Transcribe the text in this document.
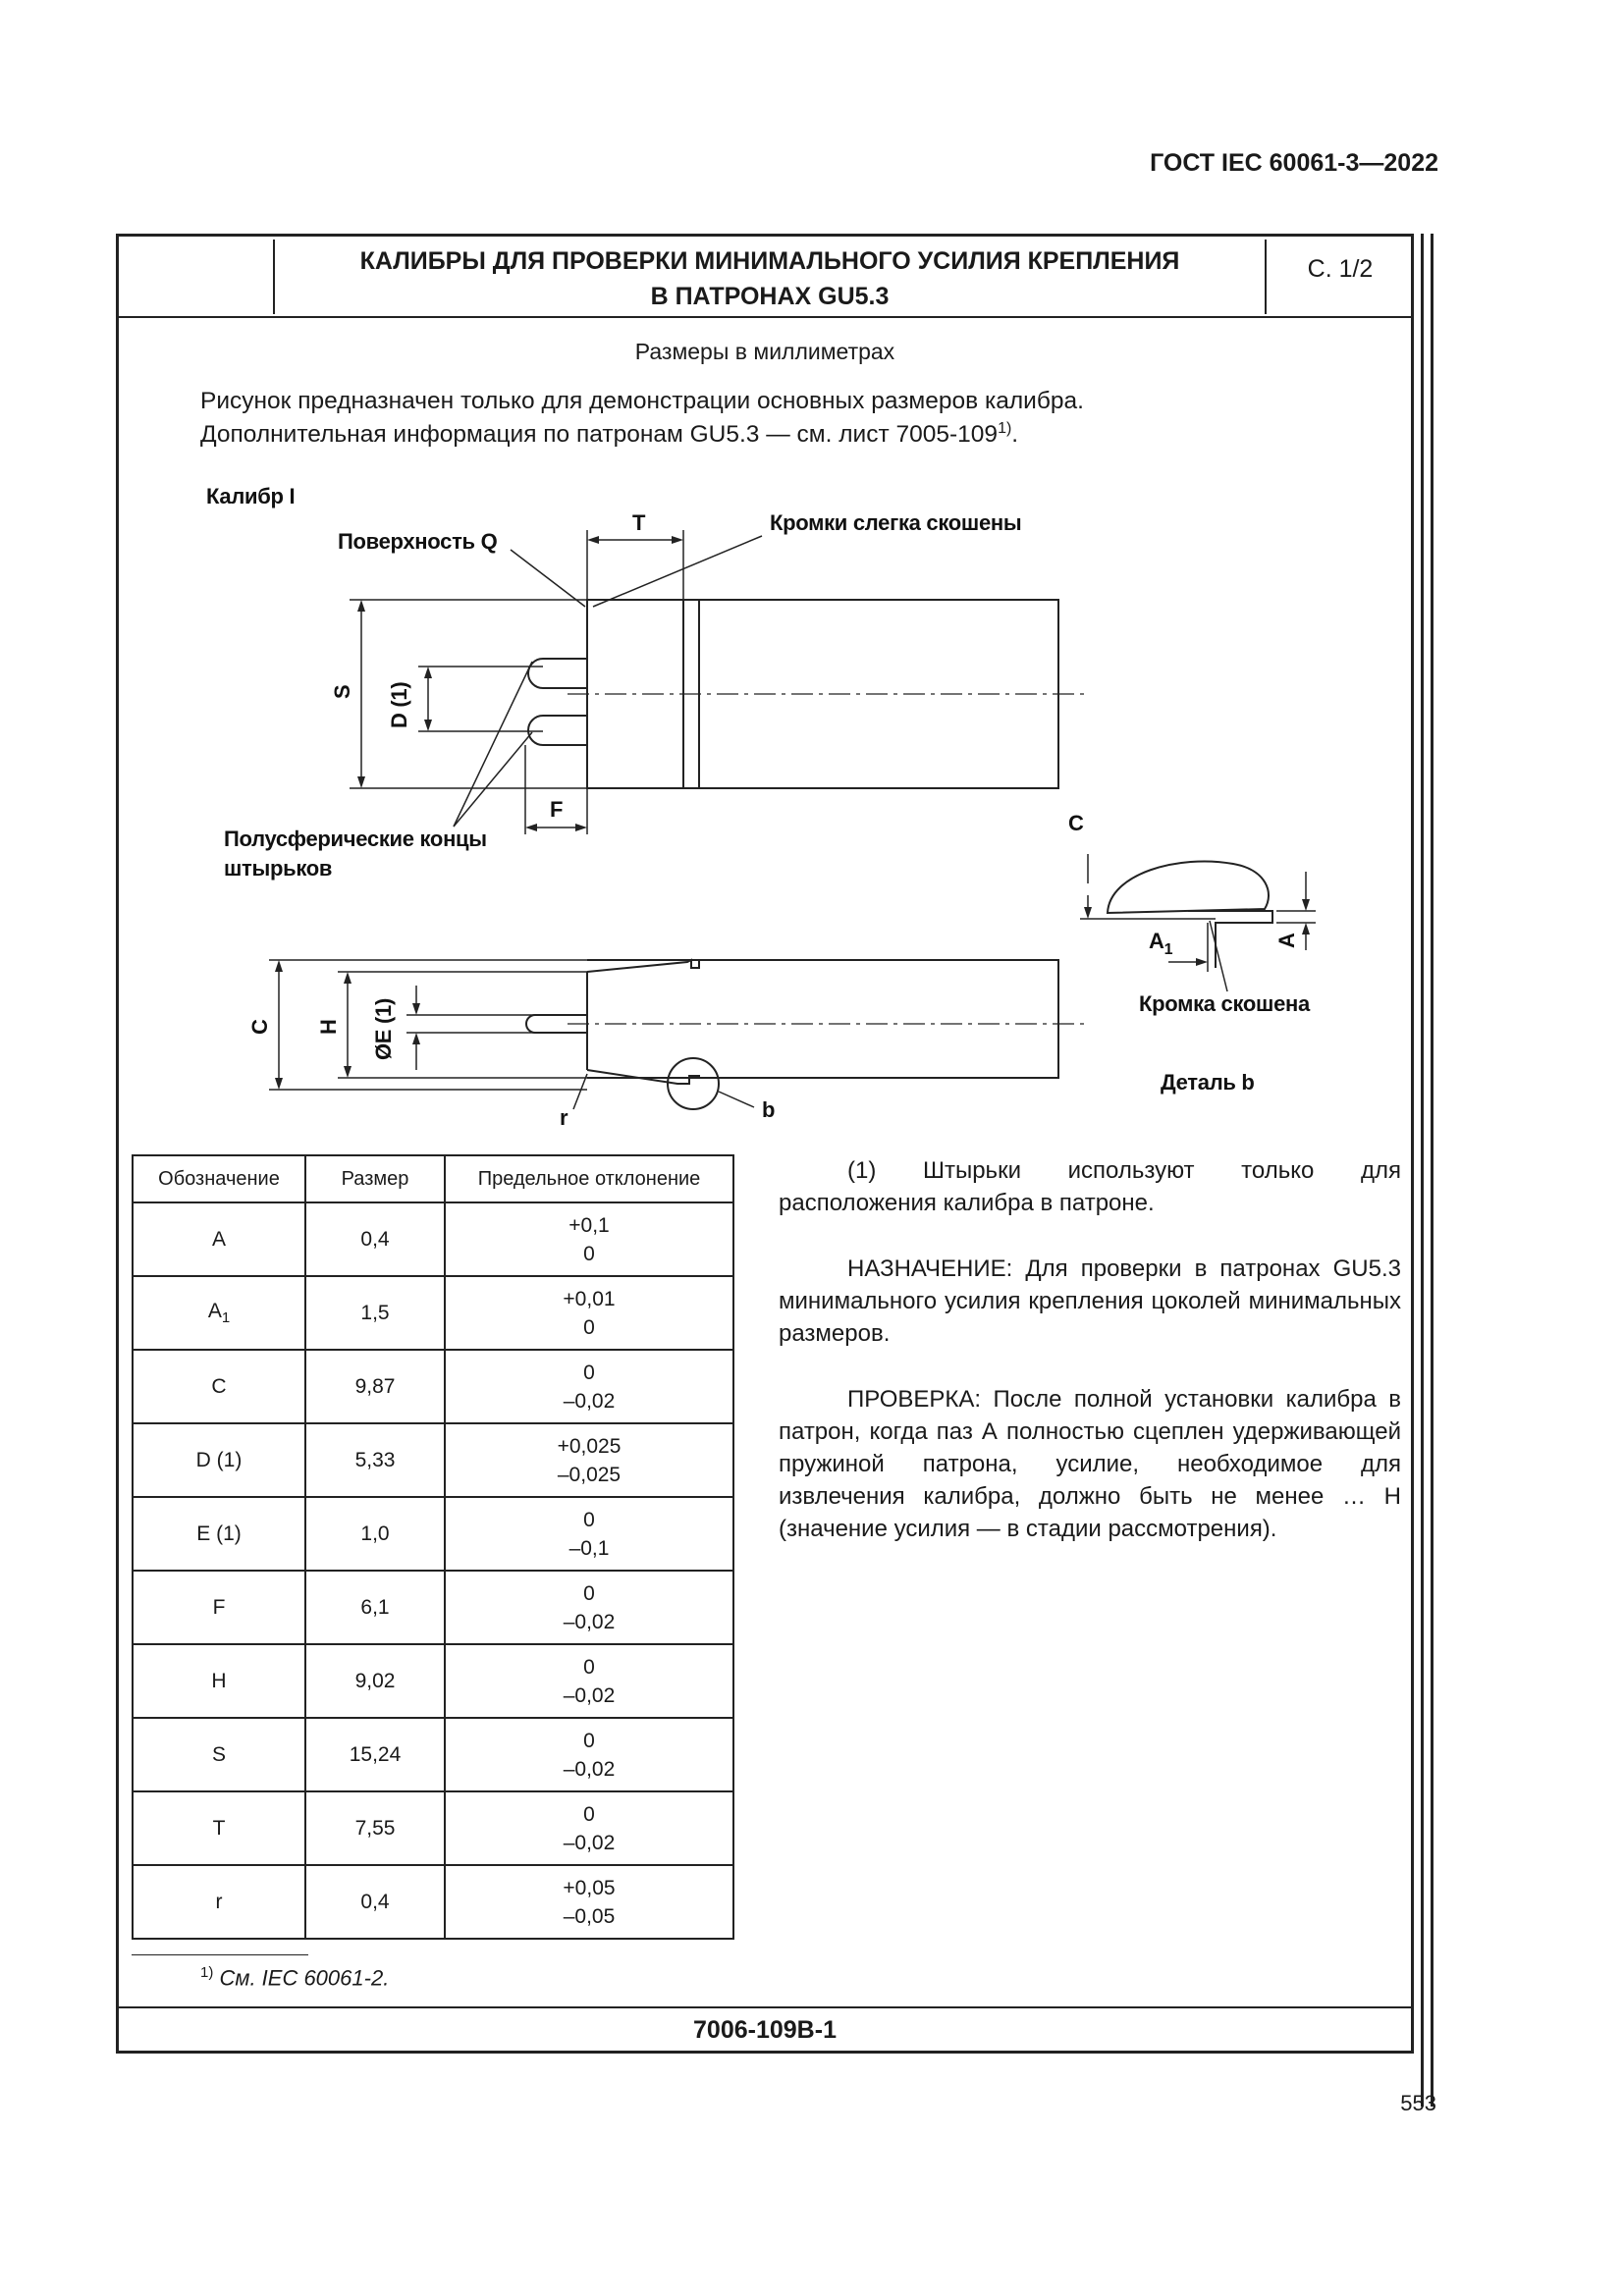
ГОСТ IEC 60061-3—2022
КАЛИБРЫ ДЛЯ ПРОВЕРКИ МИНИМАЛЬНОГО УСИЛИЯ КРЕПЛЕНИЯ
В ПАТРОНАХ GU5.3
С. 1/2
Размеры в миллиметрах
Рисунок предназначен только для демонстрации основных размеров калибра.
Дополнительная информация по патронам GU5.3 — см. лист 7005-109$^{1)}$.
Калибр I
Поверхность Q
Кромки слегка скошены
T
Полусферические концы
штырьков
F
S D (1)
C H ØE (1)
r	b
C
$A_1$
A
Кромка скошена
Деталь b
Обозначение	Размер	Предельное отклонение
A	0,4	+0,1
0

$A_1$	1,5	+0,01
0

C	9,87	0
–0,02

D (1)	5,33	+0,025
–0,025

E (1)	1,0	0
–0,1

F	6,1	0
–0,02

H	9,02	0
–0,02

S	15,24	0
–0,02

T	7,55	0
–0,02

r	0,4	+0,05
–0,05

(1) Штырьки используют только для расположения калибра в патроне.

НАЗНАЧЕНИЕ: Для проверки в патронах GU5.3 минимального усилия крепления цоколей минимальных размеров.

ПРОВЕРКА: После полной установки калибра в патрон, когда паз А полностью сцеплен удерживающей пружиной патрона, усилие, необходимое для извлечения калибра, должно быть не менее … Н (значение усилия — в стадии рассмотрения).

$^{1)}$ См. IEC 60061-2.
7006-109B-1
553
